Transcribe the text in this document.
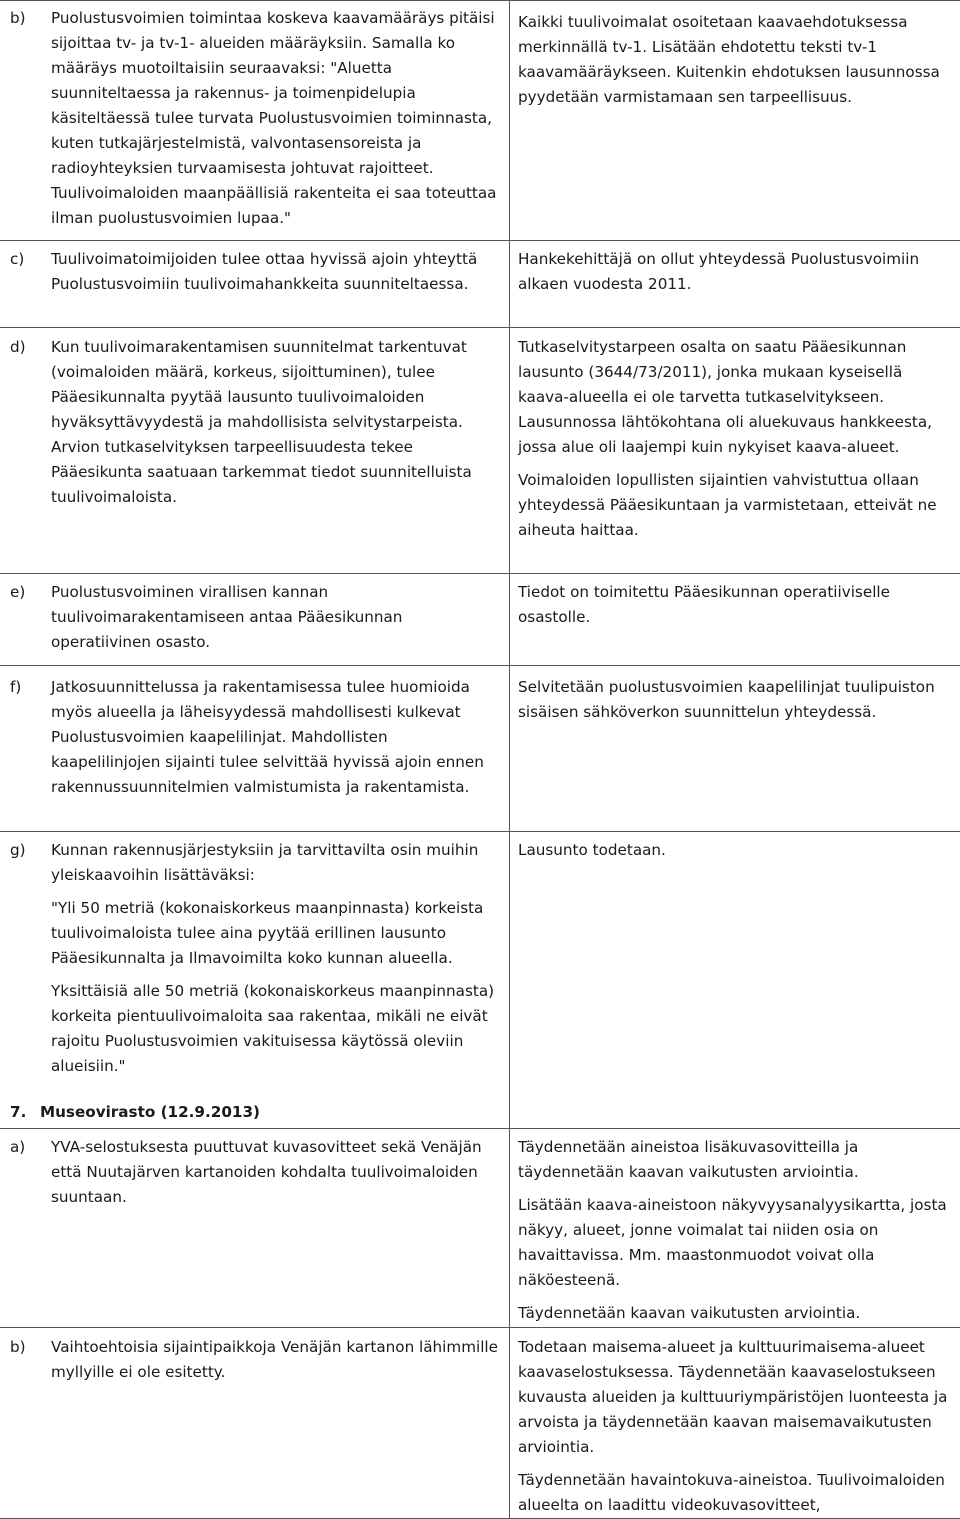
b) Puolustusvoimien toimintaa koskeva kaavamääräys pitäisi sijoittaa tv- ja tv-1- alueiden määräyksiin. Samalla ko määräys muotoiltaisiin seuraavaksi: "Aluetta suunniteltaessa ja rakennus- ja toimenpidelupia käsiteltäessä tulee turvata Puolustusvoimien toiminnasta, kuten tutkajärjestelmistä, valvontasensoreista ja radioyhteyksien turvaamisesta johtuvat rajoitteet. Tuulivoimaloiden maanpäällisiä rakenteita ei saa toteuttaa ilman puolustusvoimien lupaa."

Kaikki tuulivoimalat osoitetaan kaavaehdotuksessa merkinnällä tv-1. Lisätään ehdotettu teksti tv-1 kaavamääräykseen. Kuitenkin ehdotuksen lausunnossa pyydetään varmistamaan sen tarpeellisuus.

c) Tuulivoimatoimijoiden tulee ottaa hyvissä ajoin yhteyttä Puolustusvoimiin tuulivoimahankkeita suunniteltaessa.

Hankekehittäjä on ollut yhteydessä Puolustusvoimiin alkaen vuodesta 2011.

d) Kun tuulivoimarakentamisen suunnitelmat tarkentuvat (voimaloiden määrä, korkeus, sijoittuminen), tulee Pääesikunnalta pyytää lausunto tuulivoimaloiden hyväksyttävyydestä ja mahdollisista selvitystarpeista. Arvion tutkaselvityksen tarpeellisuudesta tekee Pääesikunta saatuaan tarkemmat tiedot suunnitelluista tuulivoimaloista.

Tutkaselvitystarpeen osalta on saatu Pääesikunnan lausunto (3644/73/2011), jonka mukaan kyseisellä kaava-alueella ei ole tarvetta tutkaselvitykseen. Lausunnossa lähtökohtana oli aluekuvaus hankkeesta, jossa alue oli laajempi kuin nykyiset kaava-alueet.

Voimaloiden lopullisten sijaintien vahvistuttua ollaan yhteydessä Pääesikuntaan ja varmistetaan, etteivät ne aiheuta haittaa.

e) Puolustusvoiminen virallisen kannan tuulivoimarakentamiseen antaa Pääesikunnan operatiivinen osasto.

Tiedot on toimitettu Pääesikunnan operatiiviselle osastolle.

f) Jatkosuunnittelussa ja rakentamisessa tulee huomioida myös alueella ja läheisyydessä mahdollisesti kulkevat Puolustusvoimien kaapelilinjat. Mahdollisten kaapelilinjojen sijainti tulee selvittää hyvissä ajoin ennen rakennussuunnitelmien valmistumista ja rakentamista.

Selvitetään puolustusvoimien kaapelilinjat tuulipuiston sisäisen sähköverkon suunnittelun yhteydessä.

g) Kunnan rakennusjärjestyksiin ja tarvittavilta osin muihin yleiskaavoihin lisättäväksi:

"Yli 50 metriä (kokonaiskorkeus maanpinnasta) korkeista tuulivoimaloista tulee aina pyytää erillinen lausunto Pääesikunnalta ja Ilmavoimilta koko kunnan alueella.

Yksittäisiä alle 50 metriä (kokonaiskorkeus maanpinnasta) korkeita pientuulivoimaloita saa rakentaa, mikäli ne eivät rajoitu Puolustusvoimien vakituisessa käytössä oleviin alueisiin."

Lausunto todetaan.

7. Museovirasto (12.9.2013)
a) YVA-selostuksesta puuttuvat kuvasovitteet sekä Venäjän että Nuutajärven kartanoiden kohdalta tuulivoimaloiden suuntaan.

Täydennetään aineistoa lisäkuvasovitteilla ja täydennetään kaavan vaikutusten arviointia.

Lisätään kaava-aineistoon näkyvyysanalyysikartta, josta näkyy, alueet, jonne voimalat tai niiden osia on havaittavissa. Mm. maastonmuodot voivat olla näköesteenä.

Täydennetään kaavan vaikutusten arviointia.

b) Vaihtoehtoisia sijaintipaikkoja Venäjän kartanon lähimmille myllyille ei ole esitetty.

Todetaan maisema-alueet ja kulttuurimaisema-alueet kaavaselostuksessa. Täydennetään kaavaselostukseen kuvausta alueiden ja kulttuuriympäristöjen luonteesta ja arvoista ja täydennetään kaavan maisemavaikutusten arviointia.

Täydennetään havaintokuva-aineistoa. Tuulivoimaloiden alueelta on laadittu videokuvasovitteet,
